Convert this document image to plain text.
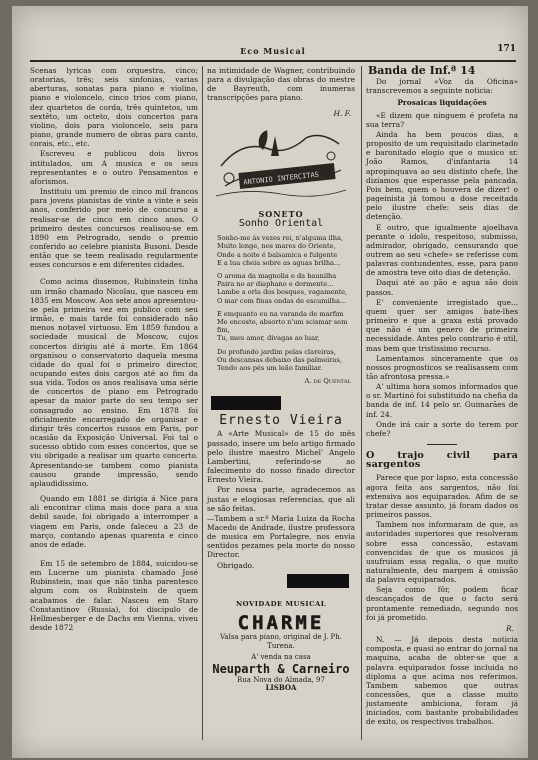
Eco Musical	171

Scenas lyricas com orquestra, cinco; oratorias, três; seis sinfonias, varias aberturas, sonatas para piano e violino, piano e violoncelo, cinco trios com piano, dez quartetos de corda, três quintetos, um sextêto, um octeto, dois concertos para violino, dois para violoncelo, seis para piano, grande numero de obras para canto, corais, etc., etc.

Escreveu e publicou dois livros intitulados, um A musica e os seus representantes e o outro Pensamentos e aforismos.

Instituiu um premio de cinco mil francos para jovens pianistas de vinte a vinte e seis anos, conferido por meio de concurso a realisar-se de cinco em cinco anos. O primeiro destes concursos realisou-se em 1890 em Petrogrado, sendo o premio conferido ao celebre pianista Busoni. Desde então que se teem realisado regularmente esses concursos e em diferentes cidades.

Como acima dissemos, Rubinstein tinha um irmão chamado Nicolau, que nasceu em 1835 em Moscow. Aos sete anos apresentou-se pela primeira vez em publico com seu irmão, e mais tarde foi considerado não menos notavel virtuoso. Em 1859 fundou a sociedade musical de Moscow, cujos concertos dirigiu até á morte. Em 1864 organisou o conservatorio daquela mesma cidade do qual foi o primeiro director, ocupando estes dois cargos até ao fim da sua vida. Todos os anos realisava uma série de concertos de piano em Petrogrado apesar da maior parte do seu tempo ser consagrado ao ensino. Em 1878 foi oficialmente encarregado de organisar e dirigir três concertos russos em Paris, por ocasião da Exposição Universal. Foi tal o sucesso obtido com esses concertos, que se viu obrigado a realisar um quarto concerto. Apresentando-se tambem como pianista causou grande impressão, sendo aplaudidissimo.

Quando em 1881 se dirigia á Nice para ali encontrar clima mais doce para a sua debil saude, foi obrigado a interromper a viagem em Paris, onde faleceu a 23 de março, contando apenas quarenta e cinco anos de edade.

Em 15 de setembro de 1884, suicidou-se em Lucerne um pianista chamado José Rubinstein, mas que não tinha parentesco algum com os Rubinstein de quem acabamos de falar. Nasceu em Staro Constantinov (Russia), foi discipulo de Hellmesberger e de Dachs em Vienna, viveu desde 1872

na intimidade de Wagner, contribuindo para a divulgação das obras do mestre de Bayreuth, com inumeras transcripções para piano.

H. F.

ANTONIO INTERCITAS
SONETO
Sonho Oriental
Sonho-me ás vezes rei, n'alguma ilha,
Muito longe, nos mares do Oriente,
Onde a noite é balsamica e fulgente
E a lua cheia sobre as aguas brilha...
O aroma da magnolia e da baunilha
Paira no ar diaphano e dormente...
Lambe a orla dos bosques, vagamente,
O mar com finas ondas de escumilha...
E emquanto eu na varanda de marfim
Me encosto, absorto n'um scismar sem fim,
Tu, meu amor, divagas ao luar,
Do profundo jardim pelas clareiras,
Ou descansas debaixo das palmeiras,
Tendo aos pés um leão familiar.
A. de Quental
Ernesto Vieira

A «Arte Musical» de 15 do mês passado, insere um belo artigo firmado pelo ilustre maestro Michel' Angelo Lambertini, referindo-se ao falecimento do nosso finado director Ernesto Vieira.

Por nossa parte, agradecemos as justas e elogiosas referencias, que ali se são feitas.

—Tambem a sr.ª Maria Luiza da Rocha Macedo de Andrade, ilustre professora de musica em Portalegre, nos envia sentidos pezames pela morte do nosso Director.

Obrigado.

NOVIDADE MUSICAL
CHARME
Valsa para piano, original de J. Ph. Turena.
A' venda na casa
Neuparth & Carneiro
Rua Nova do Almada, 97
LISBOA
Banda de Inf.ª 14

Do jornal «Voz da Oficina» transcrevemos a seguinte noticia:

Prosaicas liquidações

«E dizem que ninguem é profeta na sua terra?

Ainda ha bem poucos dias, a proposito de um requisitado clarinetado e baronitado elogio que o musico sr. João Ramos, d'infantaria 14 apropinquava ao seu distinto chefe, lhe dizíamos que esperasse pela pancada. Pois bem, quem o houvera de dizer! o pageinista já tomou a dose receitada pelo ilustre chefe: seis dias de detenção.

E outro, que igualmente ajoelhava perante o idolo, respeitoso, submisso, admirador, obrigado, censurando que outrem ao seu «chefe» se referisse com palavras contundentes, esse, para pano de amostra teve oito dias de detenção.

Daqui até ao pão e agua são dois passos.

E' conveniente irregistado que... quem quer ser amigos bate-lhes primeiro e que a graxa está provado que não é um genero de primeira necessidade. Antes pelo contrario é util, mas bem que tristissimo recurso.

Lamentamos sinceramente que os nossos prognosticos se realisassem com tão afrontosa pressa.»

A' ultima hora somos informados que o sr. Martinó foi substituido na chefia da banda de inf. 14 pelo sr. Guimarães de inf. 24.

Onde irá cair a sorte do terem por chefe?

O trajo civil para sargentos

Parece que por lapso, esta concessão agora feita aos sargentos, não foi extensiva aos equiparados. Afim de se tratar desse assunto, já foram dados os primeiros passos.

Tambem nos informaram de que, as autoridades superiores que resolveram sobre essa concessão, estavam convencidas de que os musicos já usufruiam essa regalia, o que muito naturalmente, deu margem á omissão da palavra equiparados.

Seja como fôr, podem ficar descançados de que o facto será prontamente remediado, segundo nos foi já prometido.

R.

N. — Já depois desta noticia composta, e quasi ao entrar do jornal na maquina, acaba de obter-se que a palavra equiparados fosse incluida no diploma a que acima nos referimos. Tambem sabemos que outras concessões, que a classe muito justamente ambiciona, foram já iniciados, com bastante probabilidades de exito, os respectivos trabalhos.
